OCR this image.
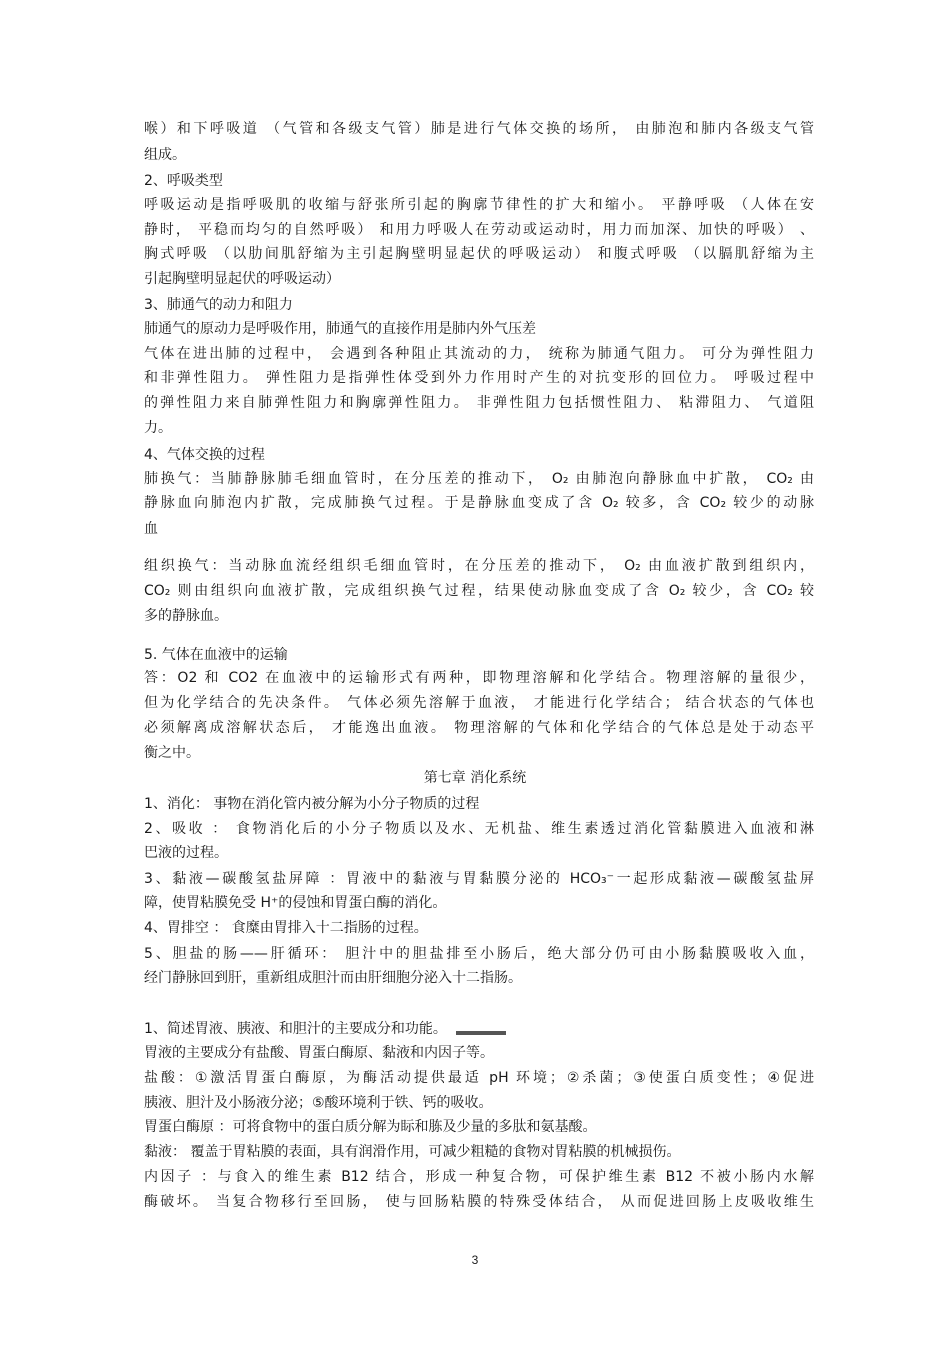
喉）和下呼吸道 （气管和各级支气管）肺是进行气体交换的场所， 由肺泡和肺内各级支气管
组成。
2、呼吸类型
呼吸运动是指呼吸肌的收缩与舒张所引起的胸廓节律性的扩大和缩小。 平静呼吸 （人体在安
静时， 平稳而均匀的自然呼吸） 和用力呼吸人在劳动或运动时，用力而加深、加快的呼吸） 、
胸式呼吸 （以肋间肌舒缩为主引起胸壁明显起伏的呼吸运动） 和腹式呼吸 （以膈肌舒缩为主
引起胸壁明显起伏的呼吸运动）
3、肺通气的动力和阻力
肺通气的原动力是呼吸作用，肺通气的直接作用是肺内外气压差
气体在进出肺的过程中， 会遇到各种阻止其流动的力， 统称为肺通气阻力。 可分为弹性阻力
和非弹性阻力。 弹性阻力是指弹性体受到外力作用时产生的对抗变形的回位力。 呼吸过程中
的弹性阻力来自肺弹性阻力和胸廓弹性阻力。 非弹性阻力包括惯性阻力、 粘滞阻力、 气道阻
力。
4、气体交换的过程
肺换气：当肺静脉肺毛细血管时，在分压差的推动下， O₂ 由肺泡向静脉血中扩散， CO₂ 由
静脉血向肺泡内扩散，完成肺换气过程。于是静脉血变成了含 O₂ 较多，含 CO₂ 较少的动脉
血
组织换气：当动脉血流经组织毛细血管时，在分压差的推动下， O₂ 由血液扩散到组织内，
CO₂ 则由组织向血液扩散，完成组织换气过程，结果使动脉血变成了含 O₂ 较少，含 CO₂ 较
多的静脉血。
5. 气体在血液中的运输
答：O2 和 CO2 在血液中的运输形式有两种，即物理溶解和化学结合。物理溶解的量很少，
但为化学结合的先决条件。 气体必须先溶解于血液， 才能进行化学结合； 结合状态的气体也
必须解离成溶解状态后， 才能逸出血液。 物理溶解的气体和化学结合的气体总是处于动态平
衡之中。
第七章 消化系统
1、消化： 事物在消化管内被分解为小分子物质的过程
2、吸收 ： 食物消化后的小分子物质以及水、无机盐、维生素透过消化管黏膜进入血液和淋
巴液的过程。
3、黏液—碳酸氢盐屏障 ：胃液中的黏液与胃黏膜分泌的 HCO₃⁻一起形成黏液—碳酸氢盐屏
障，使胃粘膜免受 H⁺的侵蚀和胃蛋白酶的消化。
4、胃排空 ： 食糜由胃排入十二指肠的过程。
5、胆盐的肠——肝循环： 胆汁中的胆盐排至小肠后，绝大部分仍可由小肠黏膜吸收入血，
经门静脉回到肝，重新组成胆汁而由肝细胞分泌入十二指肠。
1、简述胃液、胰液、和胆汁的主要成分和功能。
胃液的主要成分有盐酸、胃蛋白酶原、黏液和内因子等。
盐酸：①激活胃蛋白酶原，为酶活动提供最适 pH 环境；②杀菌；③使蛋白质变性；④促进
胰液、胆汁及小肠液分泌；⑤酸环境利于铁、钙的吸收。
胃蛋白酶原 ：可将食物中的蛋白质分解为眎和胨及少量的多肽和氨基酸。
黏液： 覆盖于胃粘膜的表面，具有润滑作用，可减少粗糙的食物对胃粘膜的机械损伤。
内因子 ：与食入的维生素 B12 结合，形成一种复合物，可保护维生素 B12 不被小肠内水解
酶破坏。 当复合物移行至回肠， 使与回肠粘膜的特殊受体结合， 从而促进回肠上皮吸收维生
3
